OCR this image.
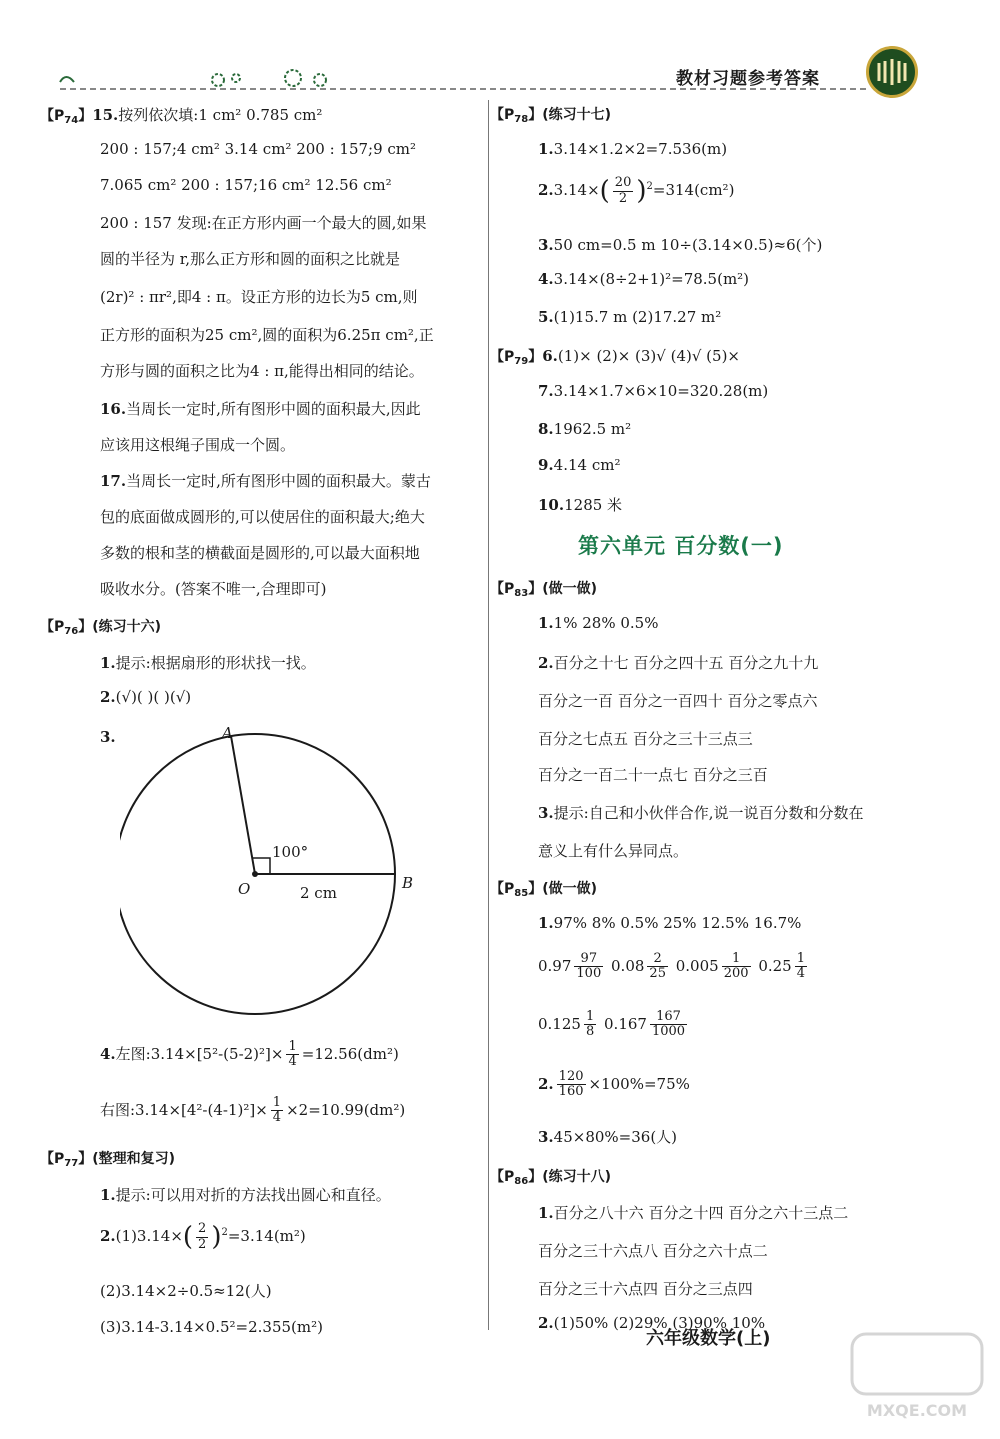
教材习题参考答案
【$P_{74}$】15.按列依次填:1 cm² 0.785 cm²
200 : 157;4 cm² 3.14 cm² 200 : 157;9 cm²
7.065 cm² 200 : 157;16 cm² 12.56 cm²
200 : 157 发现:在正方形内画一个最大的圆,如果
圆的半径为 r,那么正方形和圆的面积之比就是
(2r)² : πr²,即4 : π。设正方形的边长为5 cm,则
正方形的面积为25 cm²,圆的面积为6.25π cm²,正
方形与圆的面积之比为4 : π,能得出相同的结论。
16.当周长一定时,所有图形中圆的面积最大,因此
应该用这根绳子围成一个圆。
17.当周长一定时,所有图形中圆的面积最大。蒙古
包的底面做成圆形的,可以使居住的面积最大;绝大
多数的根和茎的横截面是圆形的,可以最大面积地
吸收水分。(答案不唯一,合理即可)
【$P_{76}$】(练习十六)
1.提示:根据扇形的形状找一找。
2.(√)( )( )(√)
3.	A
B
O
100°
2 cm
4.左图:3.14×[5²-(5-2)²]× $\frac{1}{4} =12.56(dm^2)$
右图:3.14×[4²-(4-1)²]× $\frac{1}{4} \times 2=10.99(dm^2)$
【$P_{77}$】(整理和复习)
1.提示:可以用对折的方法找出圆心和直径。
$2.(1)3.14\times( \frac{2}{2} )^2=3.14(m^2)$
(2)3.14×2÷0.5≈12(人)
(3)3.14-3.14×0.5²=2.355(m²)
【$P_{78}$】(练习十七)
1.3.14×1.2×2=7.536(m)
$2.3.14\times( \frac{20}{2} )^2=314(cm^2)$
3.50 cm=0.5 m 10÷(3.14×0.5)≈6(个)
4.3.14×(8÷2+1)²=78.5(m²)
5.(1)15.7 m (2)17.27 m²
【$P_{79}$】6.(1)× (2)× (3)√ (4)√ (5)×
7.3.14×1.7×6×10=320.28(m)
8.1962.5 m²
9.4.14 cm²
10.1285 米
第六单元 百分数(一)
【$P_{83}$】(做一做)
1.1% 28% 0.5%
2.百分之十七 百分之四十五 百分之九十九
百分之一百 百分之一百四十 百分之零点六
百分之七点五 百分之三十三点三
百分之一百二十一点七 百分之三百
3.提示:自己和小伙伴合作,说一说百分数和分数在
意义上有什么异同点。
【$P_{85}$】(做一做)
1.97% 8% 0.5% 25% 12.5% 16.7%
$0.97 \frac{97}{100} 0.08 \frac{2}{25} 0.005 \frac{1}{200} 0.25 \frac{1}{4}$
$0.125 \frac{1}{8} 0.167 \frac{167}{1000}$
2. $\frac{120}{160} \times 100\%=75\%$
3.45×80%=36(人)
【$P_{86}$】(练习十八)
1.百分之八十六 百分之十四 百分之六十三点二
百分之三十六点八 百分之六十点二
百分之三十六点四 百分之三点四
2.(1)50% (2)29% (3)90% 10%
六年级数学(上)
MXQE.COM
